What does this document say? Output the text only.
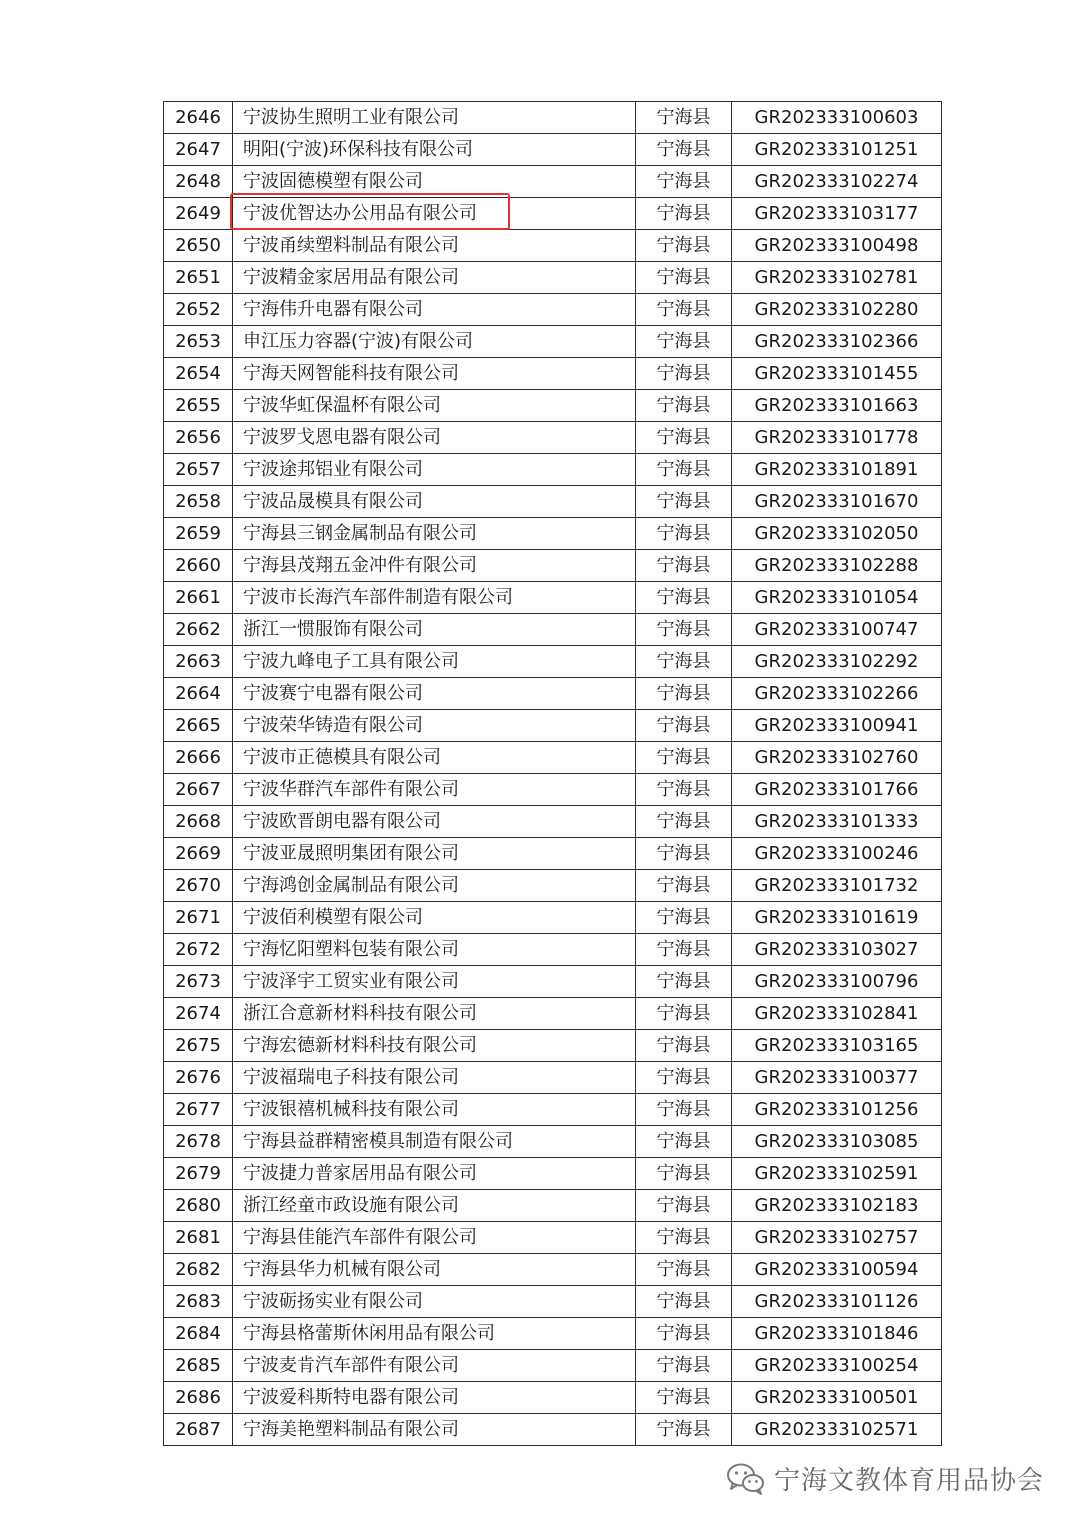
2646	宁波协生照明工业有限公司	宁海县	GR202333100603
2647	明阳(宁波)环保科技有限公司	宁海县	GR202333101251
2648	宁波固德模塑有限公司	宁海县	GR202333102274
2649	宁波优智达办公用品有限公司	宁海县	GR202333103177
2650	宁波甬续塑料制品有限公司	宁海县	GR202333100498
2651	宁波精金家居用品有限公司	宁海县	GR202333102781
2652	宁海伟升电器有限公司	宁海县	GR202333102280
2653	申江压力容器(宁波)有限公司	宁海县	GR202333102366
2654	宁海天网智能科技有限公司	宁海县	GR202333101455
2655	宁波华虹保温杯有限公司	宁海县	GR202333101663
2656	宁波罗戈恩电器有限公司	宁海县	GR202333101778
2657	宁波途邦铝业有限公司	宁海县	GR202333101891
2658	宁波品晟模具有限公司	宁海县	GR202333101670
2659	宁海县三钢金属制品有限公司	宁海县	GR202333102050
2660	宁海县茂翔五金冲件有限公司	宁海县	GR202333102288
2661	宁波市长海汽车部件制造有限公司	宁海县	GR202333101054
2662	浙江一惯服饰有限公司	宁海县	GR202333100747
2663	宁波九峰电子工具有限公司	宁海县	GR202333102292
2664	宁波赛宁电器有限公司	宁海县	GR202333102266
2665	宁波荣华铸造有限公司	宁海县	GR202333100941
2666	宁波市正德模具有限公司	宁海县	GR202333102760
2667	宁波华群汽车部件有限公司	宁海县	GR202333101766
2668	宁波欧晋朗电器有限公司	宁海县	GR202333101333
2669	宁波亚晟照明集团有限公司	宁海县	GR202333100246
2670	宁海鸿创金属制品有限公司	宁海县	GR202333101732
2671	宁波佰利模塑有限公司	宁海县	GR202333101619
2672	宁海忆阳塑料包装有限公司	宁海县	GR202333103027
2673	宁波泽宇工贸实业有限公司	宁海县	GR202333100796
2674	浙江合意新材料科技有限公司	宁海县	GR202333102841
2675	宁海宏德新材料科技有限公司	宁海县	GR202333103165
2676	宁波福瑞电子科技有限公司	宁海县	GR202333100377
2677	宁波银禧机械科技有限公司	宁海县	GR202333101256
2678	宁海县益群精密模具制造有限公司	宁海县	GR202333103085
2679	宁波捷力普家居用品有限公司	宁海县	GR202333102591
2680	浙江经童市政设施有限公司	宁海县	GR202333102183
2681	宁海县佳能汽车部件有限公司	宁海县	GR202333102757
2682	宁海县华力机械有限公司	宁海县	GR202333100594
2683	宁波砺扬实业有限公司	宁海县	GR202333101126
2684	宁海县格蕾斯休闲用品有限公司	宁海县	GR202333101846
2685	宁波麦肯汽车部件有限公司	宁海县	GR202333100254
2686	宁波爱科斯特电器有限公司	宁海县	GR202333100501
2687	宁海美艳塑料制品有限公司	宁海县	GR202333102571
宁海文教体育用品协会
